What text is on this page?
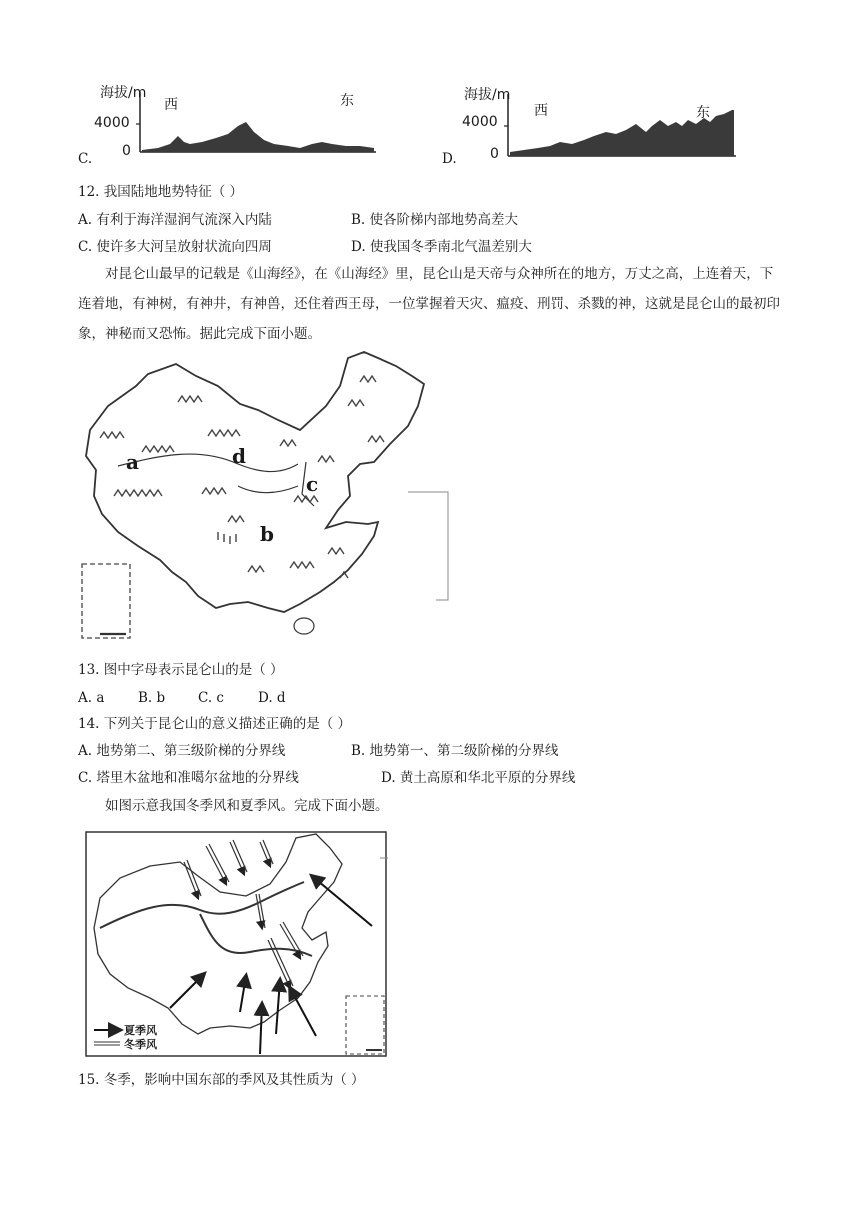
海拔/m
西	东
4000
0
C.
海拔/m
西	东
4000
0
D.
12. 我国陆地地势特征（ ）
A. 有利于海洋湿润气流深入内陆	B. 使各阶梯内部地势高差大
C. 使许多大河呈放射状流向四周	D. 使我国冬季南北气温差别大
对昆仑山最早的记载是《山海经》，在《山海经》里，昆仑山是天帝与众神所在的地方，万丈之高，上连着天，下连着地，有神树，有神井，有神兽，还住着西王母，一位掌握着天灾、瘟疫、刑罚、杀戮的神，这就是昆仑山的最初印象，神秘而又恐怖。据此完成下面小题。
a
b
c
d
13. 图中字母表示昆仑山的是（ ）
A. a B. b C. c	D. d
14. 下列关于昆仑山的意义描述正确的是（ ）
A. 地势第二、第三级阶梯的分界线	B. 地势第一、第二级阶梯的分界线
C. 塔里木盆地和准噶尔盆地的分界线	D. 黄土高原和华北平原的分界线
如图示意我国冬季风和夏季风。完成下面小题。
夏季风
冬季风
15. 冬季，影响中国东部的季风及其性质为（ ）
